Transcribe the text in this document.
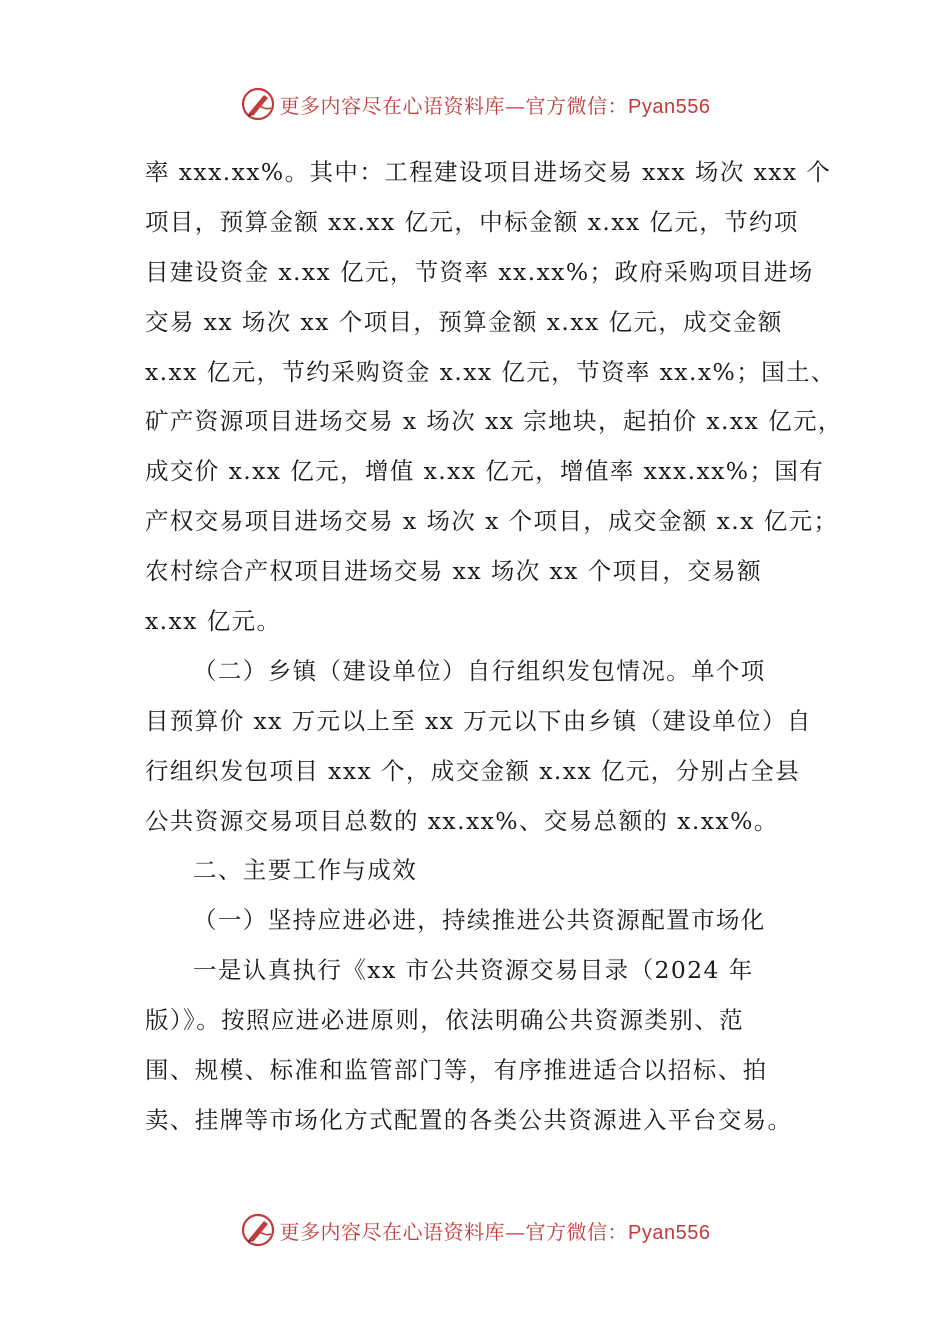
更多内容尽在心语资料库—官方微信：Pyan556
率 xxx.xx%。其中：工程建设项目进场交易 xxx 场次 xxx 个
项目，预算金额 xx.xx 亿元，中标金额 x.xx 亿元，节约项
目建设资金 x.xx 亿元，节资率 xx.xx%；政府采购项目进场
交易 xx 场次 xx 个项目，预算金额 x.xx 亿元，成交金额
x.xx 亿元，节约采购资金 x.xx 亿元，节资率 xx.x%；国土、
矿产资源项目进场交易 x 场次 xx 宗地块，起拍价 x.xx 亿元，
成交价 x.xx 亿元，增值 x.xx 亿元，增值率 xxx.xx%；国有
产权交易项目进场交易 x 场次 x 个项目，成交金额 x.x 亿元；
农村综合产权项目进场交易 xx 场次 xx 个项目，交易额
x.xx 亿元。
（二）乡镇（建设单位）自行组织发包情况。单个项
目预算价 xx 万元以上至 xx 万元以下由乡镇（建设单位）自
行组织发包项目 xxx 个，成交金额 x.xx 亿元，分别占全县
公共资源交易项目总数的 xx.xx%、交易总额的 x.xx%。
二、主要工作与成效
（一）坚持应进必进，持续推进公共资源配置市场化
一是认真执行《xx 市公共资源交易目录（2024 年
版）》。按照应进必进原则，依法明确公共资源类别、范
围、规模、标准和监管部门等，有序推进适合以招标、拍
卖、挂牌等市场化方式配置的各类公共资源进入平台交易。
更多内容尽在心语资料库—官方微信：Pyan556
